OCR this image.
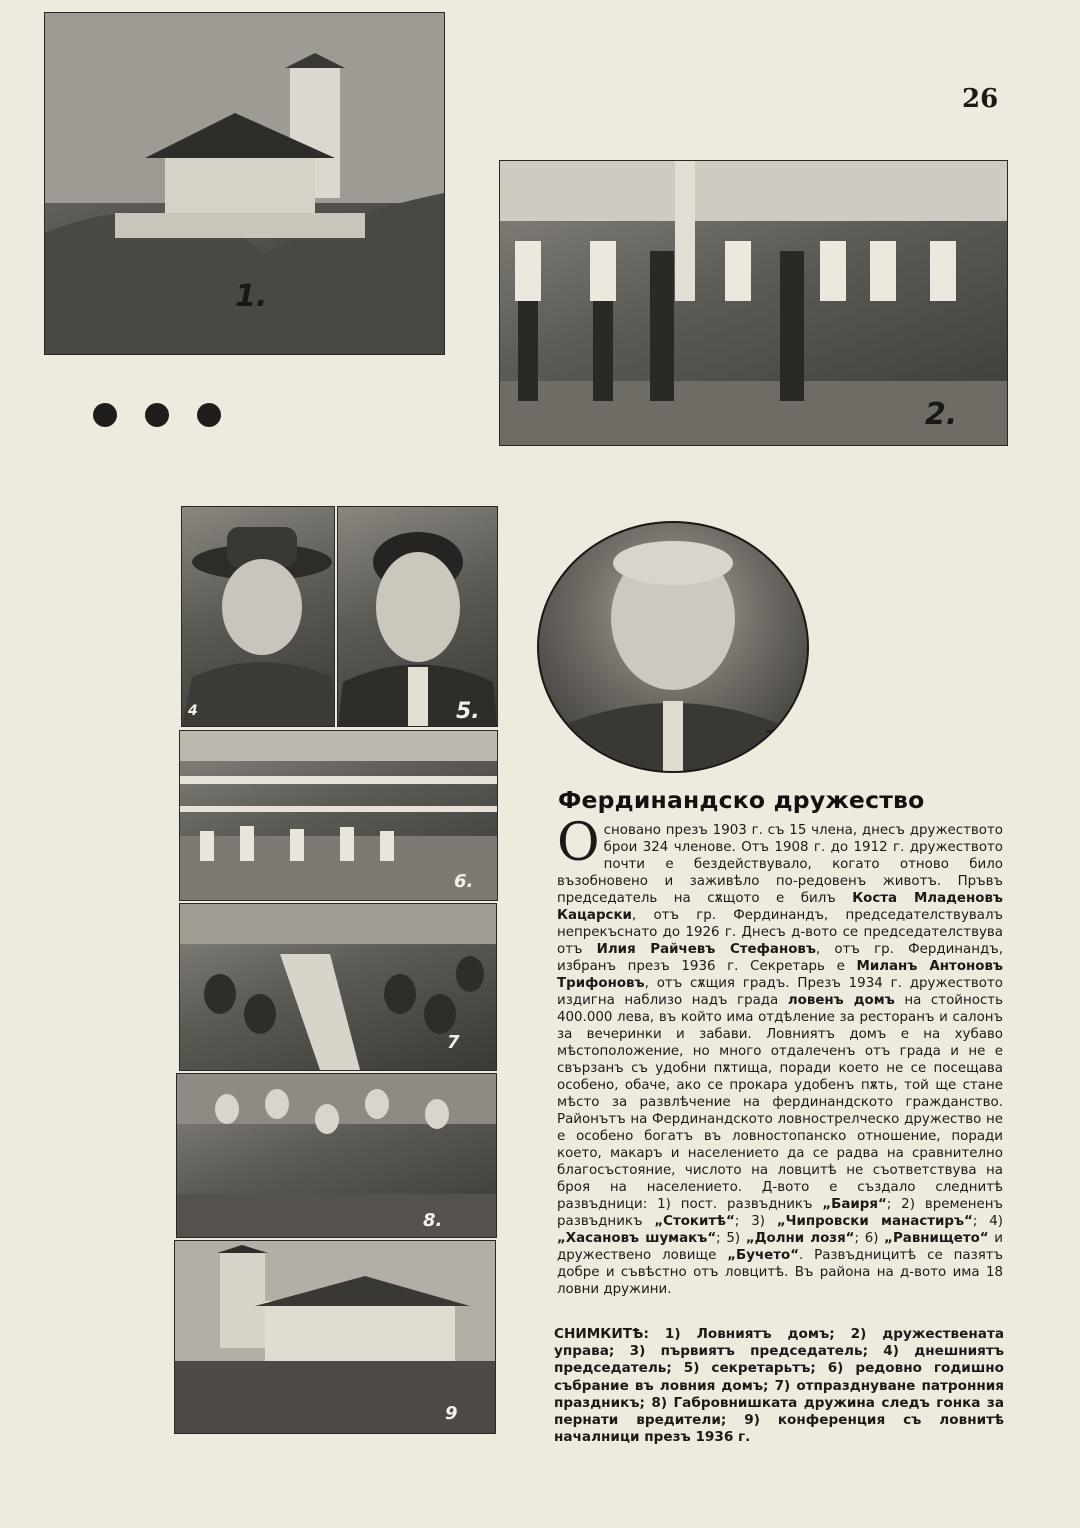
26
1.
2.
4	5.
3
6.
7
8.
9
Фердинандско дружество
Основано презъ 1903 г. съ 15 члена, днесъ дружеството брои 324 членове. Отъ 1908 г. до 1912 г. дружеството почти е бездействувало, когато отново било възобновено и заживѣло по-редовенъ животъ. Пръвъ председатель на сѫщото е билъ Коста Младеновъ Кацарски, отъ гр. Фердинандъ, председателствувалъ непрекъснато до 1926 г. Днесъ д-вото се председателствува отъ Илия Райчевъ Стефановъ, отъ гр. Фердинандъ, избранъ презъ 1936 г. Секретарь е Миланъ Антоновъ Трифоновъ, отъ сѫщия градъ. Презъ 1934 г. дружеството издигна наблизо надъ града ловенъ домъ на стойность 400.000 лева, въ който има отдѣление за ресторанъ и салонъ за вечеринки и забави. Ловниятъ домъ е на хубаво мѣстоположение, но много отдалеченъ отъ града и не е свързанъ съ удобни пѫтища, поради което не се посещава особено, обаче, ако се прокара удобенъ пѫть, той ще стане мѣсто за развлѣчение на фердинандското гражданство. Районътъ на Фердинандското ловнострелческо дружество не е особено богатъ въ ловностопанско отношение, поради което, макаръ и населението да се радва на сравнително благосъстояние, числото на ловцитѣ не съответствува на броя на населението. Д-вото е създало следнитѣ развъдници: 1) пост. развъдникъ „Баиря“; 2) времененъ развъдникъ „Стокитѣ“; 3) „Чипровски манастиръ“; 4) „Хасановъ шумакъ“; 5) „Долни лозя“; 6) „Равнището“ и дружествено ловище „Бучето“. Развъдницитѣ се пазятъ добре и съвѣстно отъ ловцитѣ. Въ района на д-вото има 18 ловни дружини.
СНИМКИТѢ: 1) Ловниятъ домъ; 2) дружествената управа; 3) първиятъ председатель; 4) днешниятъ председатель; 5) секретарьтъ; 6) редовно годишно събрание въ ловния домъ; 7) отпразднуване патронния праздникъ; 8) Габровнишката дружина следъ гонка за пернати вредители; 9) конференция съ ловнитѣ началници презъ 1936 г.
